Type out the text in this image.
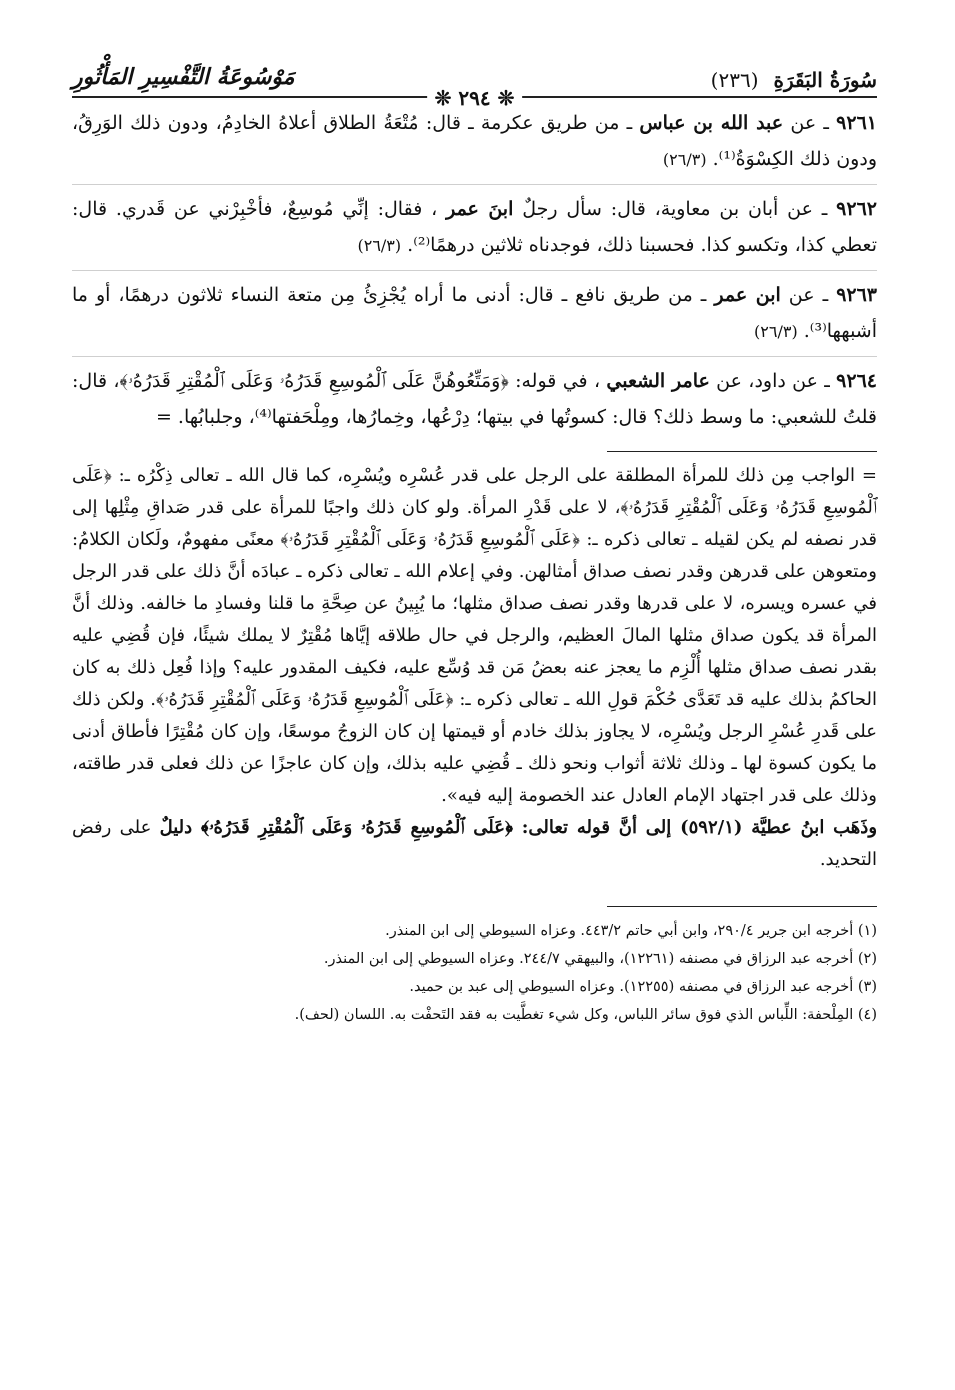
سُورَةُ البَقَرَةِ (٢٣٦)
مَوْسُوعَةُ التَّفْسِيرِ المَأْثُورِ
❊ ٢٩٤ ❊
٩٢٦١ ـ عن عبد الله بن عباس ـ من طريق عكرمة ـ قال: مُتْعَةُ الطلاق أعلاهُ الخادِمُ، ودون ذلك الوَرِقُ، ودون ذلك الكِسْوَةُ⁽¹⁾. (٢٦/٣)
٩٢٦٢ ـ عن أبان بن معاوية، قال: سأل رجلٌ ابنَ عمر ، فقال: إنِّي مُوسِعٌ، فأخْبِرْني عن قَدري. قال: تعطي كذا، وتكسو كذا. فحسبنا ذلك، فوجدناه ثلاثين درهمًا⁽²⁾. (٢٦/٣)
٩٢٦٣ ـ عن ابن عمر ـ من طريق نافع ـ قال: أدنى ما أراه يُجْزِئُ مِن متعة النساء ثلاثون درهمًا، أو ما أشبهها⁽³⁾. (٢٦/٣)
٩٢٦٤ ـ عن داود، عن عامر الشعبي ، في قوله: ﴿وَمَتِّعُوهُنَّ عَلَى ٱلْمُوسِعِ قَدَرُهُۥ وَعَلَى ٱلْمُقْتِرِ قَدَرُهُۥ﴾، قال: قلتُ للشعبي: ما وسط ذلك؟ قال: كسوتُها في بيتها؛ دِرْعُها، وخِمارُها، ومِلْحَفتها⁽⁴⁾، وجلبابُها. =
= الواجب مِن ذلك للمرأة المطلقة على الرجل على قدر عُسْرِه ويُسْرِه، كما قال الله ـ تعالى ذِكْرُه ـ: ﴿عَلَى ٱلْمُوسِعِ قَدَرُهُۥ وَعَلَى ٱلْمُقْتِرِ قَدَرُهُۥ﴾، لا على قَدْرِ المرأة. ولو كان ذلك واجبًا للمرأة على قدر صَداقِ مِثْلِها إلى قدر نصفه لم يكن لقيله ـ تعالى ذكره ـ: ﴿عَلَى ٱلْمُوسِعِ قَدَرُهُۥ وَعَلَى ٱلْمُقْتِرِ قَدَرُهُۥ﴾ معنًى مفهومٌ، ولَكان الكلامُ: ومتعوهن على قدرهن وقدر نصف صداق أمثالهن. وفي إعلام الله ـ تعالى ذكره ـ عبادَه أنَّ ذلك على قدر الرجل في عسره ويسره، لا على قدرها وقدر نصف صداق مثلها؛ ما يُبِينُ عن صِحَّةِ ما قلنا وفسادِ ما خالفه. وذلك أنَّ المرأة قد يكون صداق مثلها المالَ العظيم، والرجل في حال طلاقه إيَّاها مُقْتِرٌ لا يملك شيئًا، فإن قُضِي عليه بقدر نصف صداق مثلها أُلْزِم ما يعجز عنه بعضُ مَن قد وُسِّع عليه، فكيف المقدور عليه؟ وإذا فُعِل ذلك به كان الحاكمُ بذلك عليه قد تَعَدَّى حُكْمَ قولِ الله ـ تعالى ذكره ـ: ﴿عَلَى ٱلْمُوسِعِ قَدَرُهُۥ وَعَلَى ٱلْمُقْتِرِ قَدَرُهُۥ﴾. ولكن ذلك على قَدرِ عُسْرِ الرجل ويُسْرِه، لا يجاوز بذلك خادم أو قيمتها إن كان الزوجُ موسعًا، وإن كان مُقْتِرًا فأطاق أدنى ما يكون كسوة لها ـ وذلك ثلاثة أثواب ونحو ذلك ـ قُضِي عليه بذلك، وإن كان عاجزًا عن ذلك فعلى قدر طاقته، وذلك على قدر اجتهاد الإمام العادل عند الخصومة إليه فيه».
وذَهَب ابنُ عطيَّة (٥٩٢/١) إلى أنَّ قوله تعالى: ﴿عَلَى ٱلْمُوسِعِ قَدَرُهُۥ وَعَلَى ٱلْمُقْتِرِ قَدَرُهُۥ﴾ دليلٌ على رفض التحديد.
(١) أخرجه ابن جرير ٢٩٠/٤، وابن أبي حاتم ٤٤٣/٢. وعزاه السيوطي إلى ابن المنذر.
(٢) أخرجه عبد الرزاق في مصنفه (١٢٢٦١)، والبيهقي ٢٤٤/٧. وعزاه السيوطي إلى ابن المنذر.
(٣) أخرجه عبد الرزاق في مصنفه (١٢٢٥٥). وعزاه السيوطي إلى عبد بن حميد.
(٤) المِلْحفة: اللِّباس الذي فوق سائر اللباس، وكل شيء تغطَّيت به فقد التَحفْت به. اللسان (لحف).
